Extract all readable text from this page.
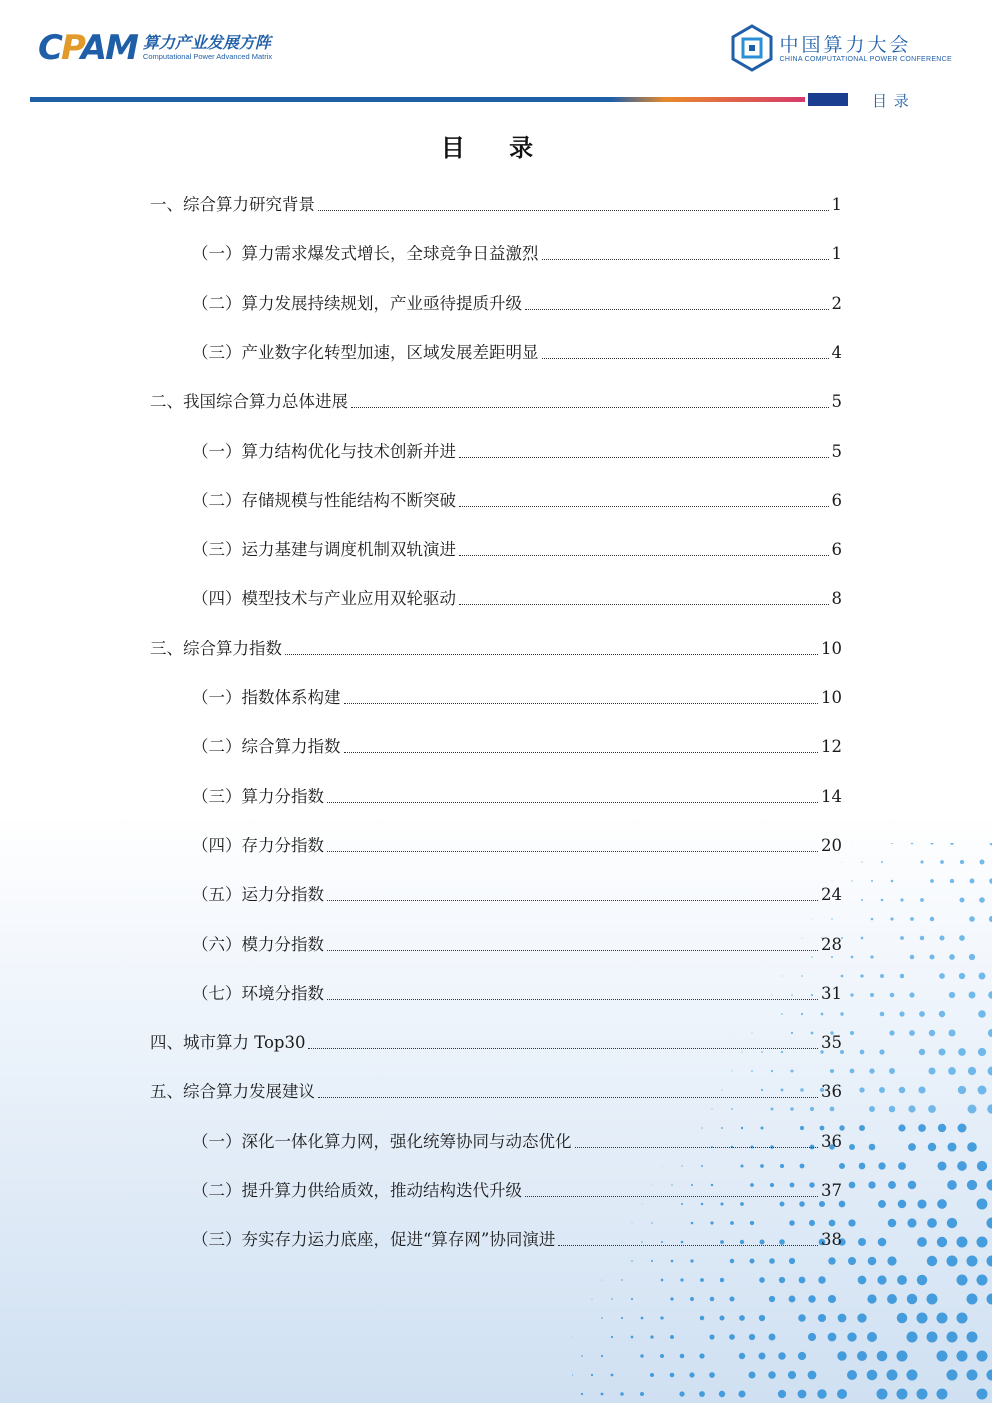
CPAM 算力产业发展方阵
Computational Power Advanced Matrix
中国算力大会
CHINA COMPUTATIONAL POWER CONFERENCE
目 录
目 录
一、综合算力研究背景	1
（一）算力需求爆发式增长，全球竞争日益激烈	1
（二）算力发展持续规划，产业亟待提质升级	2
（三）产业数字化转型加速，区域发展差距明显	4
二、我国综合算力总体进展	5
（一）算力结构优化与技术创新并进	5
（二）存储规模与性能结构不断突破	6
（三）运力基建与调度机制双轨演进	6
（四）模型技术与产业应用双轮驱动	8
三、综合算力指数	10
（一）指数体系构建	10
（二）综合算力指数	12
（三）算力分指数	14
（四）存力分指数	20
（五）运力分指数	24
（六）模力分指数	28
（七）环境分指数	31
四、城市算力 Top30	35
五、综合算力发展建议	36
（一）深化一体化算力网，强化统筹协同与动态优化	36
（二）提升算力供给质效，推动结构迭代升级	37
（三）夯实存力运力底座，促进“算存网”协同演进	38
